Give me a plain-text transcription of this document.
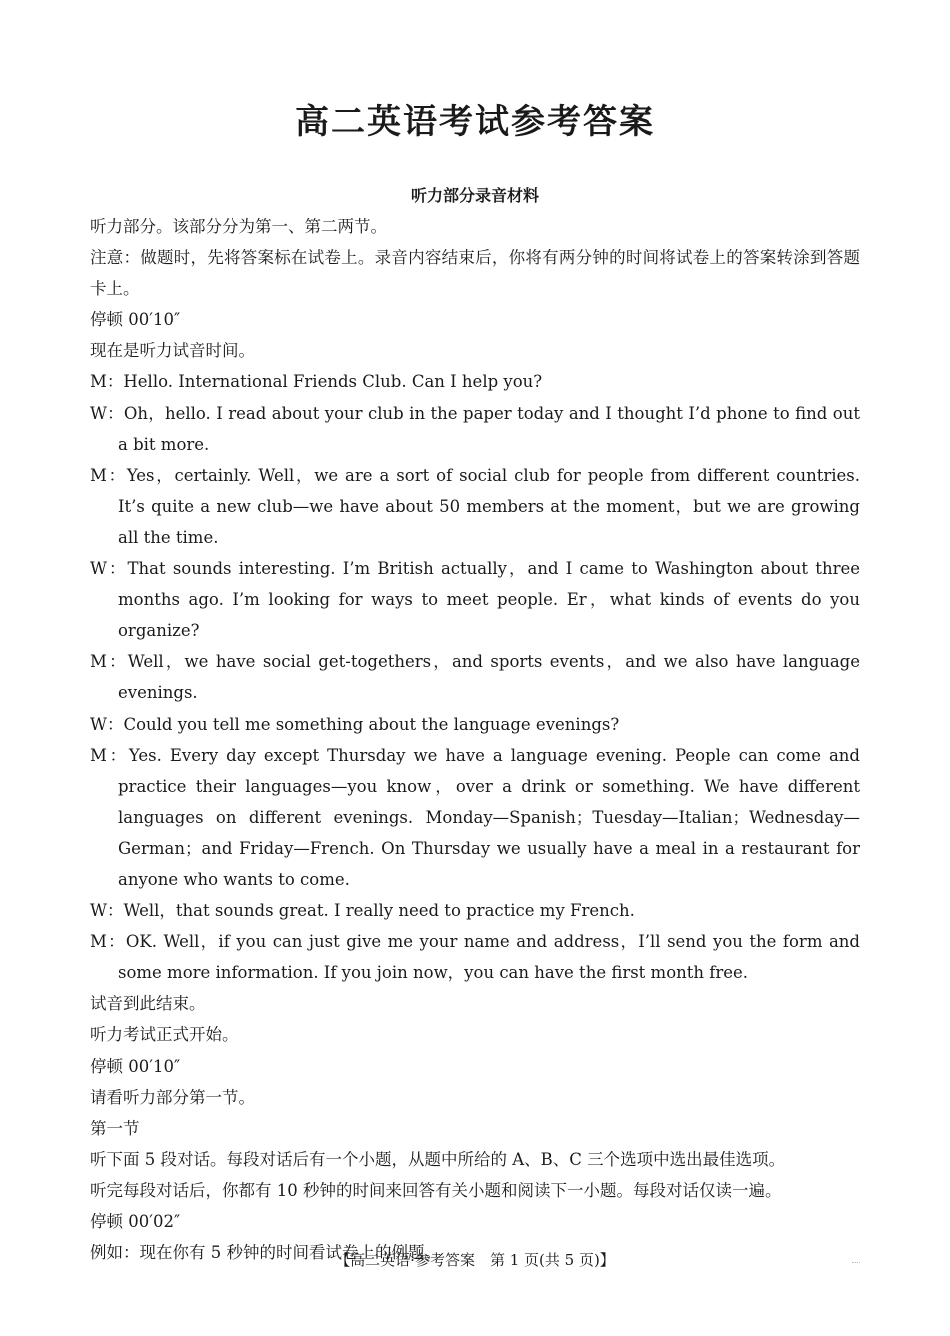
高二英语考试参考答案
听力部分录音材料
听力部分。该部分分为第一、第二两节。
注意：做题时，先将答案标在试卷上。录音内容结束后，你将有两分钟的时间将试卷上的答案转涂到答题卡上。
停顿 00′10″
现在是听力试音时间。
M：Hello. International Friends Club. Can I help you?
W：Oh，hello. I read about your club in the paper today and I thought I’d phone to find out a bit more.
M：Yes，certainly. Well，we are a sort of social club for people from different countries. It’s quite a new club—we have about 50 members at the moment，but we are growing all the time.
W：That sounds interesting. I’m British actually，and I came to Washington about three months ago. I’m looking for ways to meet people. Er，what kinds of events do you organize?
M：Well，we have social get-togethers，and sports events，and we also have language evenings.
W：Could you tell me something about the language evenings?
M：Yes. Every day except Thursday we have a language evening. People can come and practice their languages—you know，over a drink or something. We have different languages on different evenings. Monday—Spanish；Tuesday—Italian；Wednesday—German；and Friday—French. On Thursday we usually have a meal in a restaurant for anyone who wants to come.
W：Well，that sounds great. I really need to practice my French.
M：OK. Well，if you can just give me your name and address，I’ll send you the form and some more information. If you join now，you can have the first month free.
试音到此结束。
听力考试正式开始。
停顿 00′10″
请看听力部分第一节。
第一节
听下面 5 段对话。每段对话后有一个小题，从题中所给的 A、B、C 三个选项中选出最佳选项。
听完每段对话后，你都有 10 秒钟的时间来回答有关小题和阅读下一小题。每段对话仅读一遍。
停顿 00′02″
例如：现在你有 5 秒钟的时间看试卷上的例题。
【高二英语·参考答案　第 1 页(共 5 页)】
